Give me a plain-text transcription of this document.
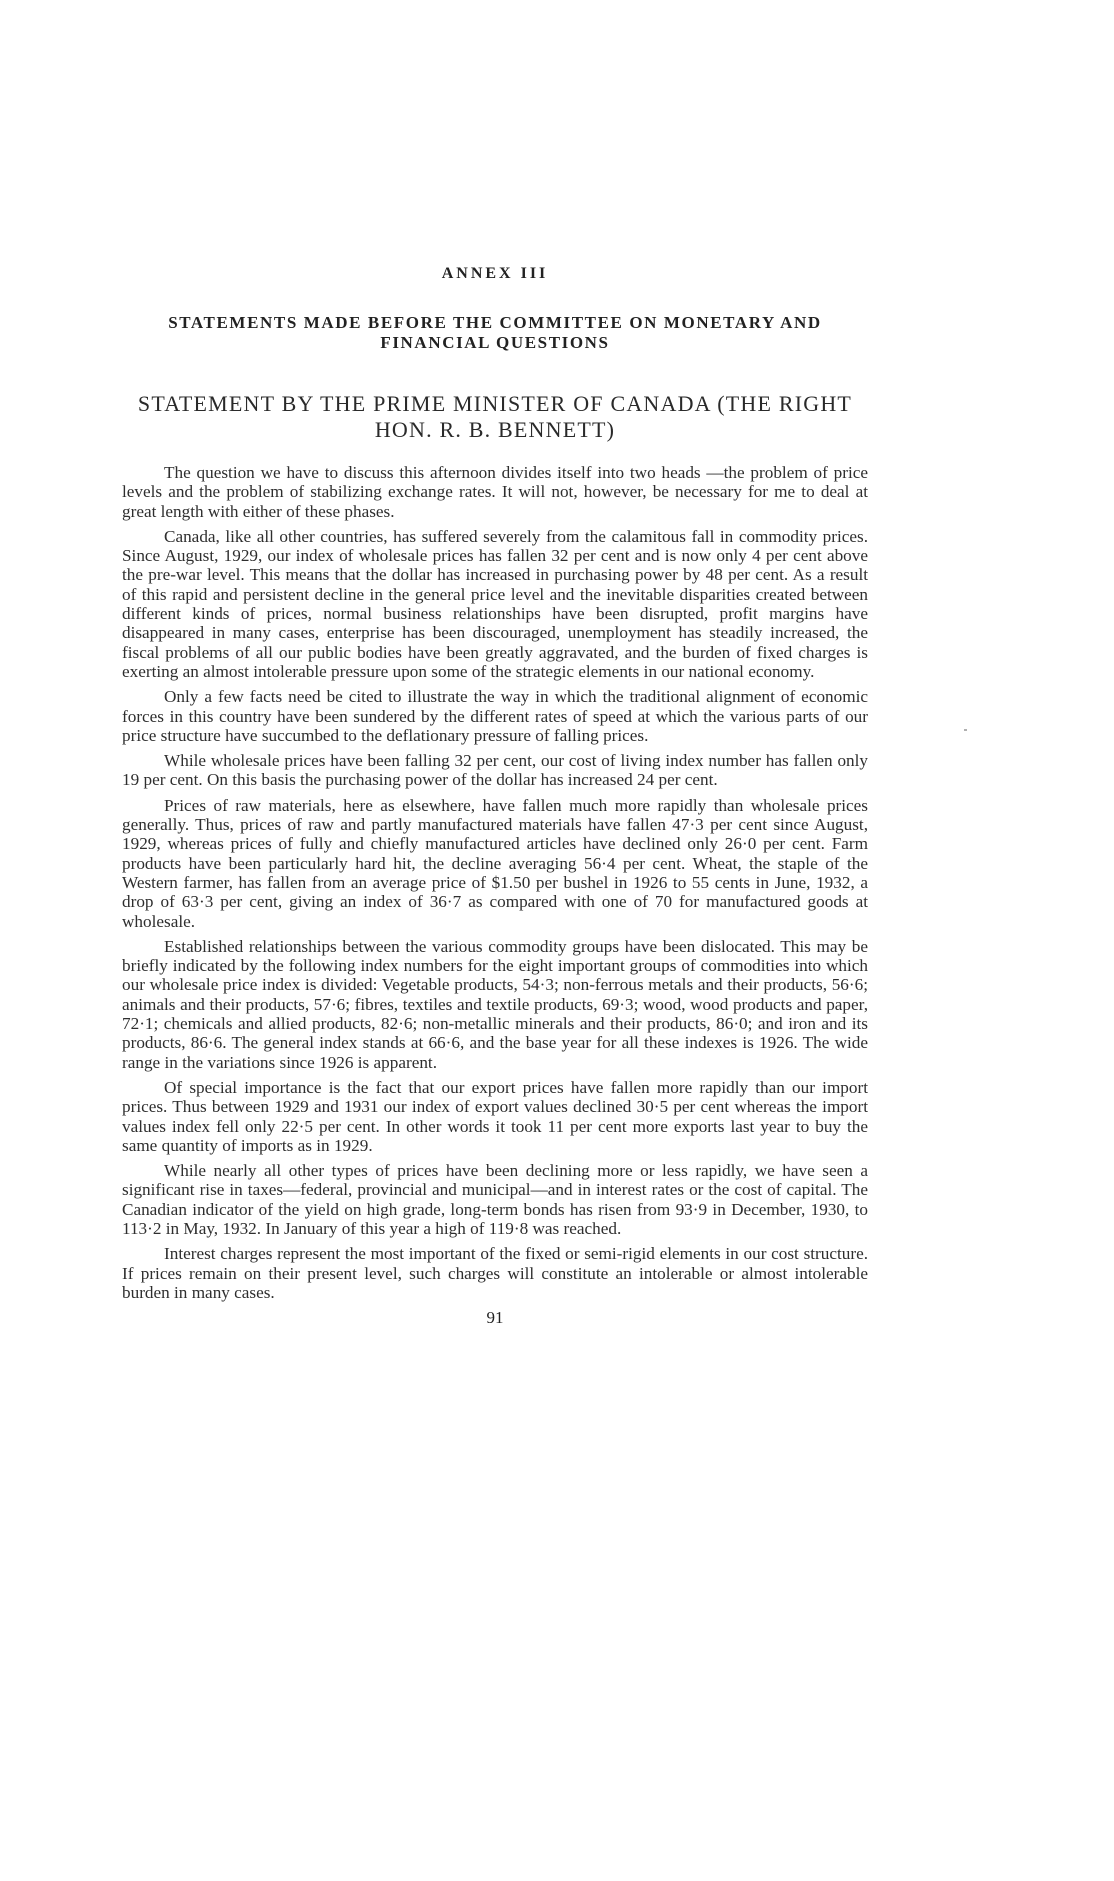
ANNEX III
STATEMENTS MADE BEFORE THE COMMITTEE ON MONETARY AND FINANCIAL QUESTIONS
STATEMENT BY THE PRIME MINISTER OF CANADA (THE RIGHT HON. R. B. BENNETT)

The question we have to discuss this afternoon divides itself into two heads —the problem of price levels and the problem of stabilizing exchange rates. It will not, however, be necessary for me to deal at great length with either of these phases.

Canada, like all other countries, has suffered severely from the calamitous fall in commodity prices. Since August, 1929, our index of wholesale prices has fallen 32 per cent and is now only 4 per cent above the pre-war level. This means that the dollar has increased in purchasing power by 48 per cent. As a result of this rapid and persistent decline in the general price level and the inevitable disparities created between different kinds of prices, normal business relationships have been disrupted, profit margins have disappeared in many cases, enterprise has been discouraged, unemployment has steadily increased, the fiscal problems of all our public bodies have been greatly aggravated, and the burden of fixed charges is exerting an almost intolerable pressure upon some of the strategic elements in our national economy.

Only a few facts need be cited to illustrate the way in which the traditional alignment of economic forces in this country have been sundered by the different rates of speed at which the various parts of our price structure have succumbed to the deflationary pressure of falling prices.

While wholesale prices have been falling 32 per cent, our cost of living index number has fallen only 19 per cent. On this basis the purchasing power of the dollar has increased 24 per cent.

Prices of raw materials, here as elsewhere, have fallen much more rapidly than wholesale prices generally. Thus, prices of raw and partly manufactured materials have fallen 47·3 per cent since August, 1929, whereas prices of fully and chiefly manufactured articles have declined only 26·0 per cent. Farm products have been particularly hard hit, the decline averaging 56·4 per cent. Wheat, the staple of the Western farmer, has fallen from an average price of $1.50 per bushel in 1926 to 55 cents in June, 1932, a drop of 63·3 per cent, giving an index of 36·7 as compared with one of 70 for manufactured goods at wholesale.

Established relationships between the various commodity groups have been dislocated. This may be briefly indicated by the following index numbers for the eight important groups of commodities into which our wholesale price index is divided: Vegetable products, 54·3; non-ferrous metals and their products, 56·6; animals and their products, 57·6; fibres, textiles and textile products, 69·3; wood, wood products and paper, 72·1; chemicals and allied products, 82·6; non-metallic minerals and their products, 86·0; and iron and its products, 86·6. The general index stands at 66·6, and the base year for all these indexes is 1926. The wide range in the variations since 1926 is apparent.

Of special importance is the fact that our export prices have fallen more rapidly than our import prices. Thus between 1929 and 1931 our index of export values declined 30·5 per cent whereas the import values index fell only 22·5 per cent. In other words it took 11 per cent more exports last year to buy the same quantity of imports as in 1929.

While nearly all other types of prices have been declining more or less rapidly, we have seen a significant rise in taxes—federal, provincial and municipal—and in interest rates or the cost of capital. The Canadian indicator of the yield on high grade, long-term bonds has risen from 93·9 in December, 1930, to 113·2 in May, 1932. In January of this year a high of 119·8 was reached.

Interest charges represent the most important of the fixed or semi-rigid elements in our cost structure. If prices remain on their present level, such charges will constitute an intolerable or almost intolerable burden in many cases.

91
